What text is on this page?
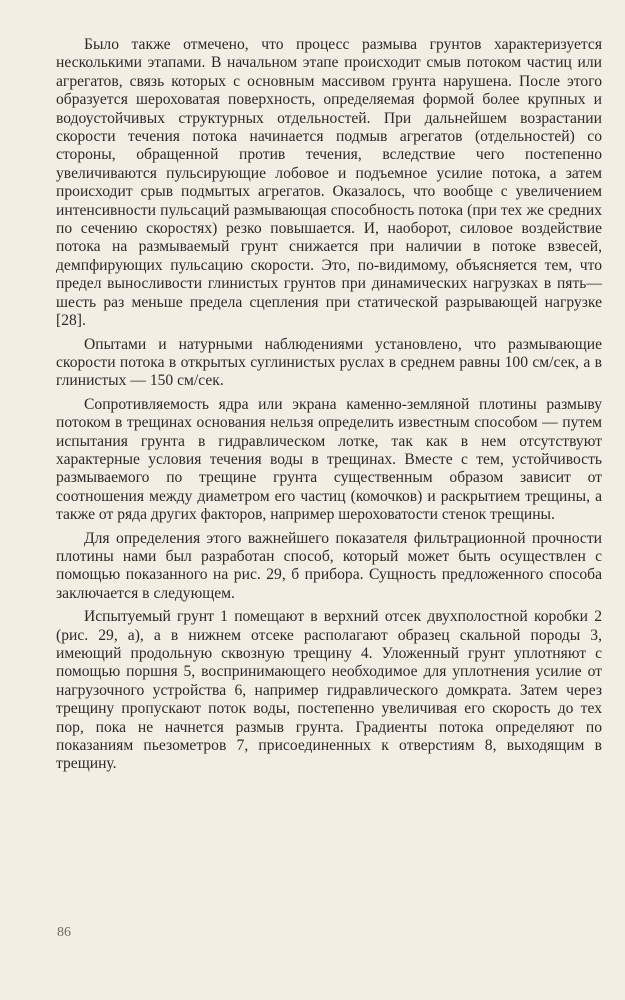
Было также отмечено, что процесс размыва грунтов характеризуется несколькими этапами. В начальном этапе происходит смыв потоком частиц или агрегатов, связь которых с основным массивом грунта нарушена. После этого образуется шероховатая поверхность, определяемая формой более крупных и водоустойчивых структурных отдельностей. При дальнейшем возрастании скорости течения потока начинается подмыв агрегатов (отдельностей) со стороны, обращенной против течения, вследствие чего постепенно увеличиваются пульсирующие лобовое и подъемное усилие потока, а затем происходит срыв подмытых агрегатов. Оказалось, что вообще с увеличением интенсивности пульсаций размывающая способность потока (при тех же средних по сечению скоростях) резко повышается. И, наоборот, силовое воздействие потока на размываемый грунт снижается при наличии в потоке взвесей, демпфирующих пульсацию скорости. Это, по-видимому, объясняется тем, что предел выносливости глинистых грунтов при динамических нагрузках в пять—шесть раз меньше предела сцепления при статической разрывающей нагрузке [28].

Опытами и натурными наблюдениями установлено, что размывающие скорости потока в открытых суглинистых руслах в среднем равны 100 см/сек, а в глинистых — 150 см/сек.

Сопротивляемость ядра или экрана каменно-земляной плотины размыву потоком в трещинах основания нельзя определить известным способом — путем испытания грунта в гидравлическом лотке, так как в нем отсутствуют характерные условия течения воды в трещинах. Вместе с тем, устойчивость размываемого по трещине грунта существенным образом зависит от соотношения между диаметром его частиц (комочков) и раскрытием трещины, а также от ряда других факторов, например шероховатости стенок трещины.

Для определения этого важнейшего показателя фильтрационной прочности плотины нами был разработан способ, который может быть осуществлен с помощью показанного на рис. 29, б прибора. Сущность предложенного способа заключается в следующем.

Испытуемый грунт 1 помещают в верхний отсек двухполостной коробки 2 (рис. 29, а), а в нижнем отсеке располагают образец скальной породы 3, имеющий продольную сквозную трещину 4. Уложенный грунт уплотняют с помощью поршня 5, воспринимающего необходимое для уплотнения усилие от нагрузочного устройства 6, например гидравлического домкрата. Затем через трещину пропускают поток воды, постепенно увеличивая его скорость до тех пор, пока не начнется размыв грунта. Градиенты потока определяют по показаниям пьезометров 7, присоединенных к отверстиям 8, выходящим в трещину.

86
